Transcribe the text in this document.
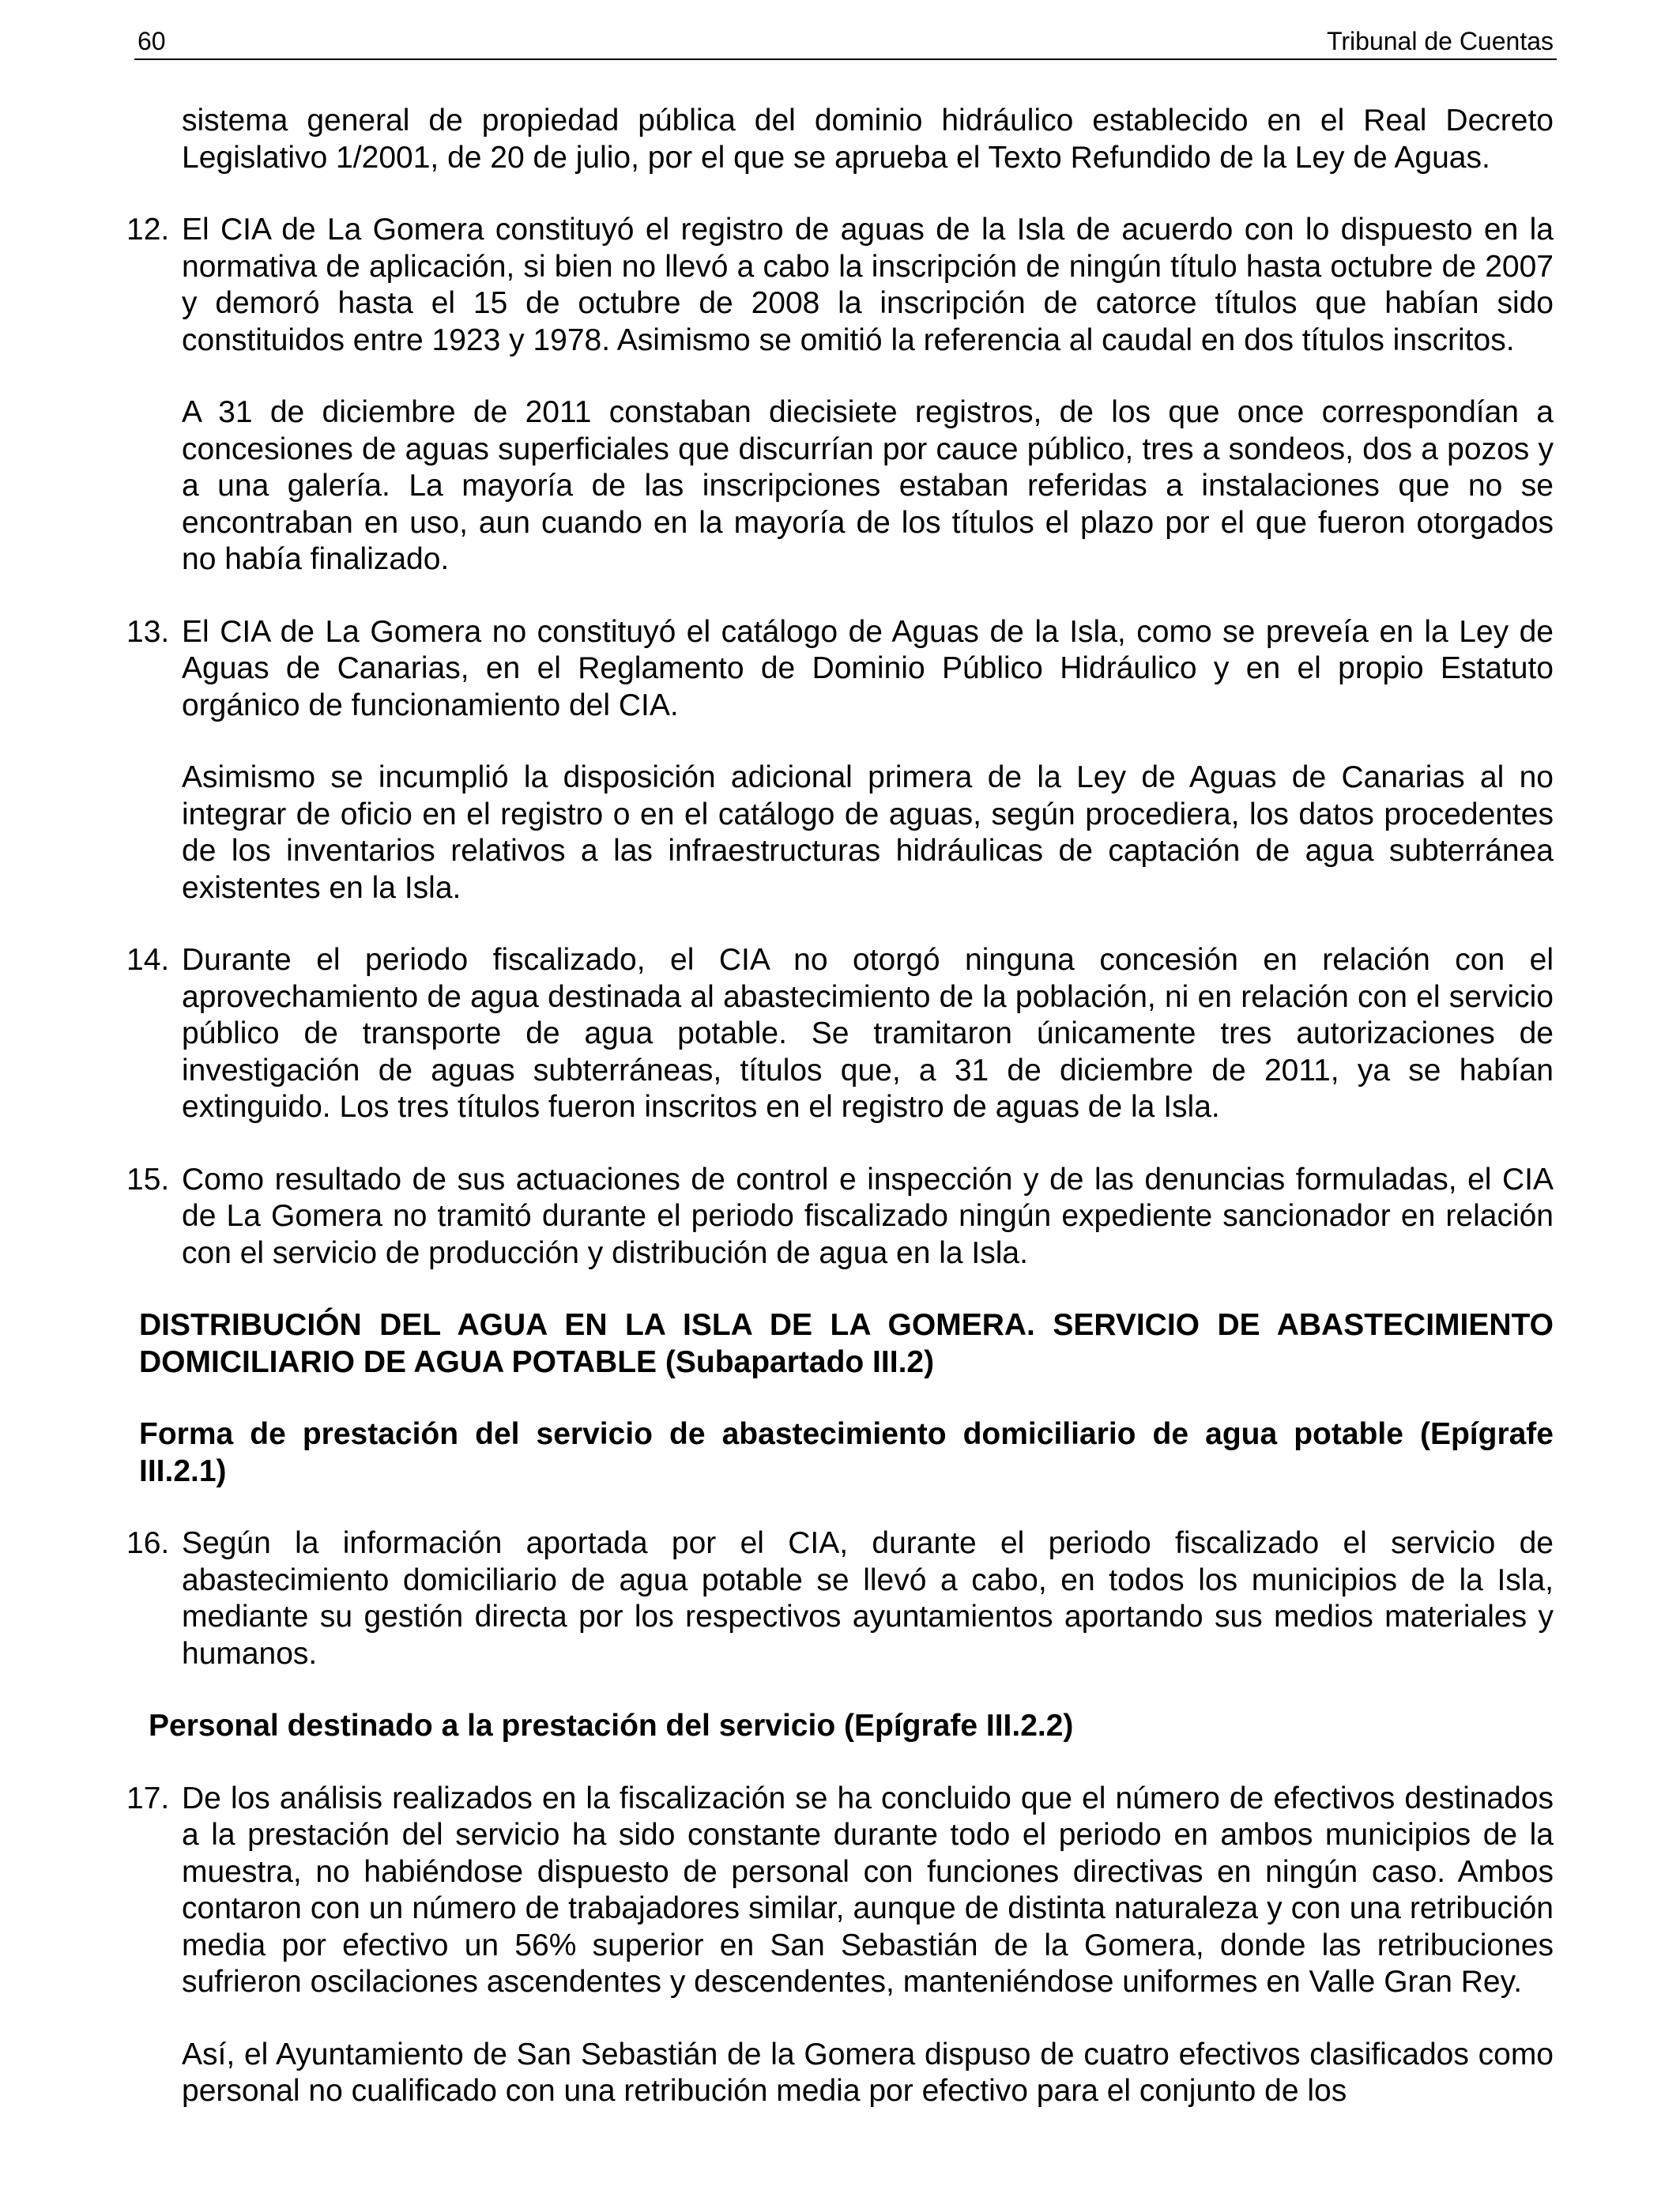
60	Tribunal de Cuentas

sistema general de propiedad pública del dominio hidráulico establecido en el Real Decreto Legislativo 1/2001, de 20 de julio, por el que se aprueba el Texto Refundido de la Ley de Aguas.

12. El CIA de La Gomera constituyó el registro de aguas de la Isla de acuerdo con lo dispuesto en la normativa de aplicación, si bien no llevó a cabo la inscripción de ningún título hasta octubre de 2007 y demoró hasta el 15 de octubre de 2008 la inscripción de catorce títulos que habían sido constituidos entre 1923 y 1978. Asimismo se omitió la referencia al caudal en dos títulos inscritos.

A 31 de diciembre de 2011 constaban diecisiete registros, de los que once correspondían a concesiones de aguas superficiales que discurrían por cauce público, tres a sondeos, dos a pozos y a una galería. La mayoría de las inscripciones estaban referidas a instalaciones que no se encontraban en uso, aun cuando en la mayoría de los títulos el plazo por el que fueron otorgados no había finalizado.

13. El CIA de La Gomera no constituyó el catálogo de Aguas de la Isla, como se preveía en la Ley de Aguas de Canarias, en el Reglamento de Dominio Público Hidráulico y en el propio Estatuto orgánico de funcionamiento del CIA.

Asimismo se incumplió la disposición adicional primera de la Ley de Aguas de Canarias al no integrar de oficio en el registro o en el catálogo de aguas, según procediera, los datos procedentes de los inventarios relativos a las infraestructuras hidráulicas de captación de agua subterránea existentes en la Isla.

14. Durante el periodo fiscalizado, el CIA no otorgó ninguna concesión en relación con el aprovechamiento de agua destinada al abastecimiento de la población, ni en relación con el servicio público de transporte de agua potable. Se tramitaron únicamente tres autorizaciones de investigación de aguas subterráneas, títulos que, a 31 de diciembre de 2011, ya se habían extinguido. Los tres títulos fueron inscritos en el registro de aguas de la Isla.
15. Como resultado de sus actuaciones de control e inspección y de las denuncias formuladas, el CIA de La Gomera no tramitó durante el periodo fiscalizado ningún expediente sancionador en relación con el servicio de producción y distribución de agua en la Isla.
DISTRIBUCIÓN DEL AGUA EN LA ISLA DE LA GOMERA. SERVICIO DE ABASTECIMIENTO DOMICILIARIO DE AGUA POTABLE (Subapartado III.2)
Forma de prestación del servicio de abastecimiento domiciliario de agua potable (Epígrafe III.2.1)
16. Según la información aportada por el CIA, durante el periodo fiscalizado el servicio de abastecimiento domiciliario de agua potable se llevó a cabo, en todos los municipios de la Isla, mediante su gestión directa por los respectivos ayuntamientos aportando sus medios materiales y humanos.
Personal destinado a la prestación del servicio (Epígrafe III.2.2)
17. De los análisis realizados en la fiscalización se ha concluido que el número de efectivos destinados a la prestación del servicio ha sido constante durante todo el periodo en ambos municipios de la muestra, no habiéndose dispuesto de personal con funciones directivas en ningún caso. Ambos contaron con un número de trabajadores similar, aunque de distinta naturaleza y con una retribución media por efectivo un 56% superior en San Sebastián de la Gomera, donde las retribuciones sufrieron oscilaciones ascendentes y descendentes, manteniéndose uniformes en Valle Gran Rey.

Así, el Ayuntamiento de San Sebastián de la Gomera dispuso de cuatro efectivos clasificados como personal no cualificado con una retribución media por efectivo para el conjunto de los
